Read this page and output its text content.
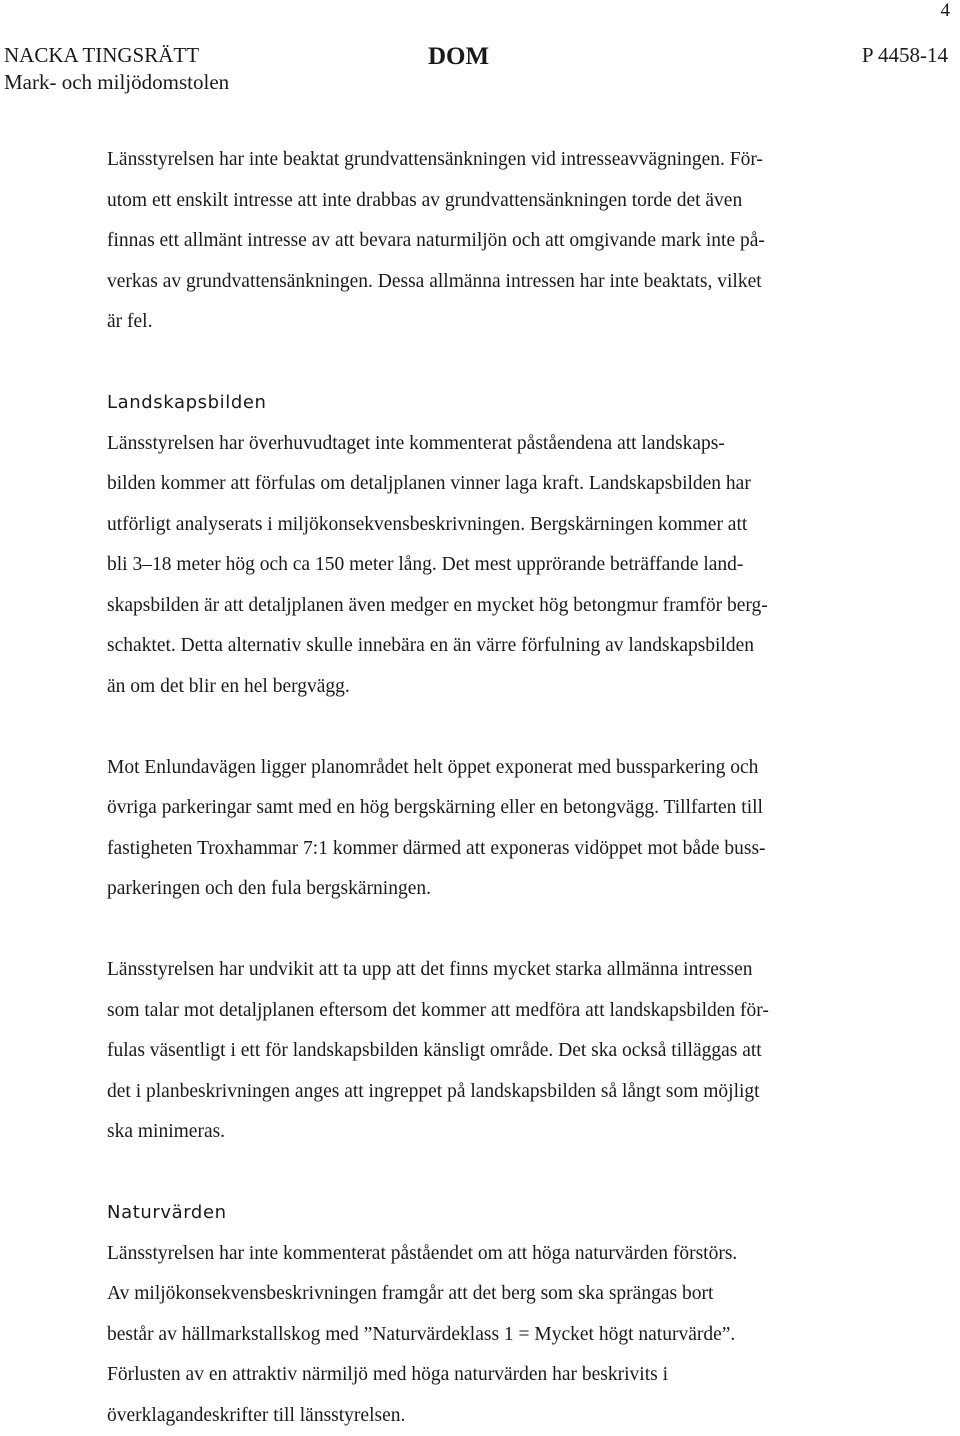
4
NACKA TINGSRÄTT
Mark- och miljödomstolen
DOM	P 4458-14
Länsstyrelsen har inte beaktat grundvattensänkningen vid intresseavvägningen. För-
utom ett enskilt intresse att inte drabbas av grundvattensänkningen torde det även
finnas ett allmänt intresse av att bevara naturmiljön och att omgivande mark inte på-
verkas av grundvattensänkningen. Dessa allmänna intressen har inte beaktats, vilket
är fel.
Landskapsbilden
Länsstyrelsen har överhuvudtaget inte kommenterat påståendena att landskaps-
bilden kommer att förfulas om detaljplanen vinner laga kraft. Landskapsbilden har
utförligt analyserats i miljökonsekvensbeskrivningen. Bergskärningen kommer att
bli 3–18 meter hög och ca 150 meter lång. Det mest upprörande beträffande land-
skapsbilden är att detaljplanen även medger en mycket hög betongmur framför berg-
schaktet. Detta alternativ skulle innebära en än värre förfulning av landskapsbilden
än om det blir en hel bergvägg.
Mot Enlundavägen ligger planområdet helt öppet exponerat med bussparkering och
övriga parkeringar samt med en hög bergskärning eller en betongvägg. Tillfarten till
fastigheten Troxhammar 7:1 kommer därmed att exponeras vidöppet mot både buss-
parkeringen och den fula bergskärningen.
Länsstyrelsen har undvikit att ta upp att det finns mycket starka allmänna intressen
som talar mot detaljplanen eftersom det kommer att medföra att landskapsbilden för-
fulas väsentligt i ett för landskapsbilden känsligt område. Det ska också tilläggas att
det i planbeskrivningen anges att ingreppet på landskapsbilden så långt som möjligt
ska minimeras.
Naturvärden
Länsstyrelsen har inte kommenterat påståendet om att höga naturvärden förstörs.
Av miljökonsekvensbeskrivningen framgår att det berg som ska sprängas bort
består av hällmarkstallskog med ”Naturvärdeklass 1 = Mycket högt naturvärde”.
Förlusten av en attraktiv närmiljö med höga naturvärden har beskrivits i
överklagandeskrifter till länsstyrelsen.
